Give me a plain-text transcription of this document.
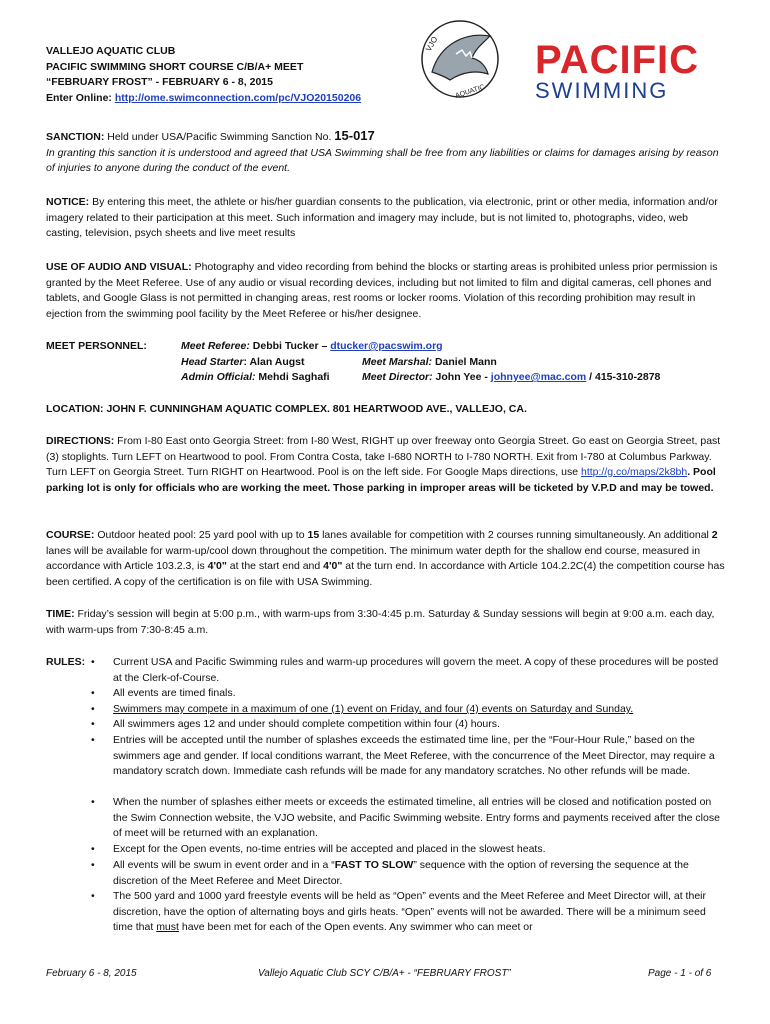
VALLEJO AQUATIC CLUB
PACIFIC SWIMMING SHORT COURSE C/B/A+ MEET
“FEBRUARY FROST” - FEBRUARY 6 - 8, 2015
Enter Online: http://ome.swimconnection.com/pc/VJO20150206
VJO
AQUATIC
PACIFIC
SWIMMING
SANCTION: Held under USA/Pacific Swimming Sanction No. 15-017
In granting this sanction it is understood and agreed that USA Swimming shall be free from any liabilities or claims for damages arising by reason of injuries to anyone during the conduct of the event.
NOTICE: By entering this meet, the athlete or his/her guardian consents to the publication, via electronic, print or other media, information and/or imagery related to their participation at this meet. Such information and imagery may include, but is not limited to, photographs, video, web casting, television, psych sheets and live meet results
USE OF AUDIO AND VISUAL: Photography and video recording from behind the blocks or starting areas is prohibited unless prior permission is granted by the Meet Referee. Use of any audio or visual recording devices, including but not limited to film and digital cameras, cell phones and tablets, and Google Glass is not permitted in changing areas, rest rooms or locker rooms. Violation of this recording prohibition may result in ejection from the swimming pool facility by the Meet Referee or his/her designee.
MEET PERSONNEL:	Meet Referee: Debbi Tucker – dtucker@pacswim.org
Head Starter: Alan Augst	Meet Marshal: Daniel Mann
Admin Official: Mehdi Saghafi	Meet Director: John Yee - johnyee@mac.com / 415-310-2878
LOCATION: JOHN F. CUNNINGHAM AQUATIC COMPLEX. 801 HEARTWOOD AVE., VALLEJO, CA.
DIRECTIONS: From I-80 East onto Georgia Street: from I-80 West, RIGHT up over freeway onto Georgia Street. Go east on Georgia Street, past (3) stoplights. Turn LEFT on Heartwood to pool. From Contra Costa, take I-680 NORTH to I-780 NORTH. Exit from I-780 at Columbus Parkway. Turn LEFT on Georgia Street. Turn RIGHT on Heartwood. Pool is on the left side. For Google Maps directions, use http://g.co/maps/2k8bh. Pool parking lot is only for officials who are working the meet. Those parking in improper areas will be ticketed by V.P.D and may be towed.
COURSE: Outdoor heated pool: 25 yard pool with up to 15 lanes available for competition with 2 courses running simultaneously. An additional 2 lanes will be available for warm-up/cool down throughout the competition. The minimum water depth for the shallow end course, measured in accordance with Article 103.2.3, is 4'0" at the start end and 4'0" at the turn end. In accordance with Article 104.2.2C(4) the competition course has been certified. A copy of the certification is on file with USA Swimming.
TIME: Friday’s session will begin at 5:00 p.m., with warm-ups from 3:30-4:45 p.m. Saturday & Sunday sessions will begin at 9:00 a.m. each day, with warm-ups from 7:30-8:45 a.m.
RULES: • Current USA and Pacific Swimming rules and warm-up procedures will govern the meet. A copy of these procedures will be posted at the Clerk-of-Course.
• All events are timed finals.
• Swimmers may compete in a maximum of one (1) event on Friday, and four (4) events on Saturday and Sunday.
• All swimmers ages 12 and under should complete competition within four (4) hours.
• Entries will be accepted until the number of splashes exceeds the estimated time line, per the “Four-Hour Rule,” based on the swimmers age and gender. If local conditions warrant, the Meet Referee, with the concurrence of the Meet Director, may require a mandatory scratch down. Immediate cash refunds will be made for any mandatory scratches. No other refunds will be made.
• When the number of splashes either meets or exceeds the estimated timeline, all entries will be closed and notification posted on the Swim Connection website, the VJO website, and Pacific Swimming website. Entry forms and payments received after the close of meet will be returned with an explanation.
• Except for the Open events, no-time entries will be accepted and placed in the slowest heats.
• All events will be swum in event order and in a “FAST TO SLOW” sequence with the option of reversing the sequence at the discretion of the Meet Referee and Meet Director.
• The 500 yard and 1000 yard freestyle events will be held as “Open” events and the Meet Referee and Meet Director will, at their discretion, have the option of alternating boys and girls heats. “Open” events will not be awarded. There will be a minimum seed time that must have been met for each of the Open events. Any swimmer who can meet or
February 6 - 8, 2015	Vallejo Aquatic Club SCY C/B/A+ - “FEBRUARY FROST”	Page - 1 - of 6
